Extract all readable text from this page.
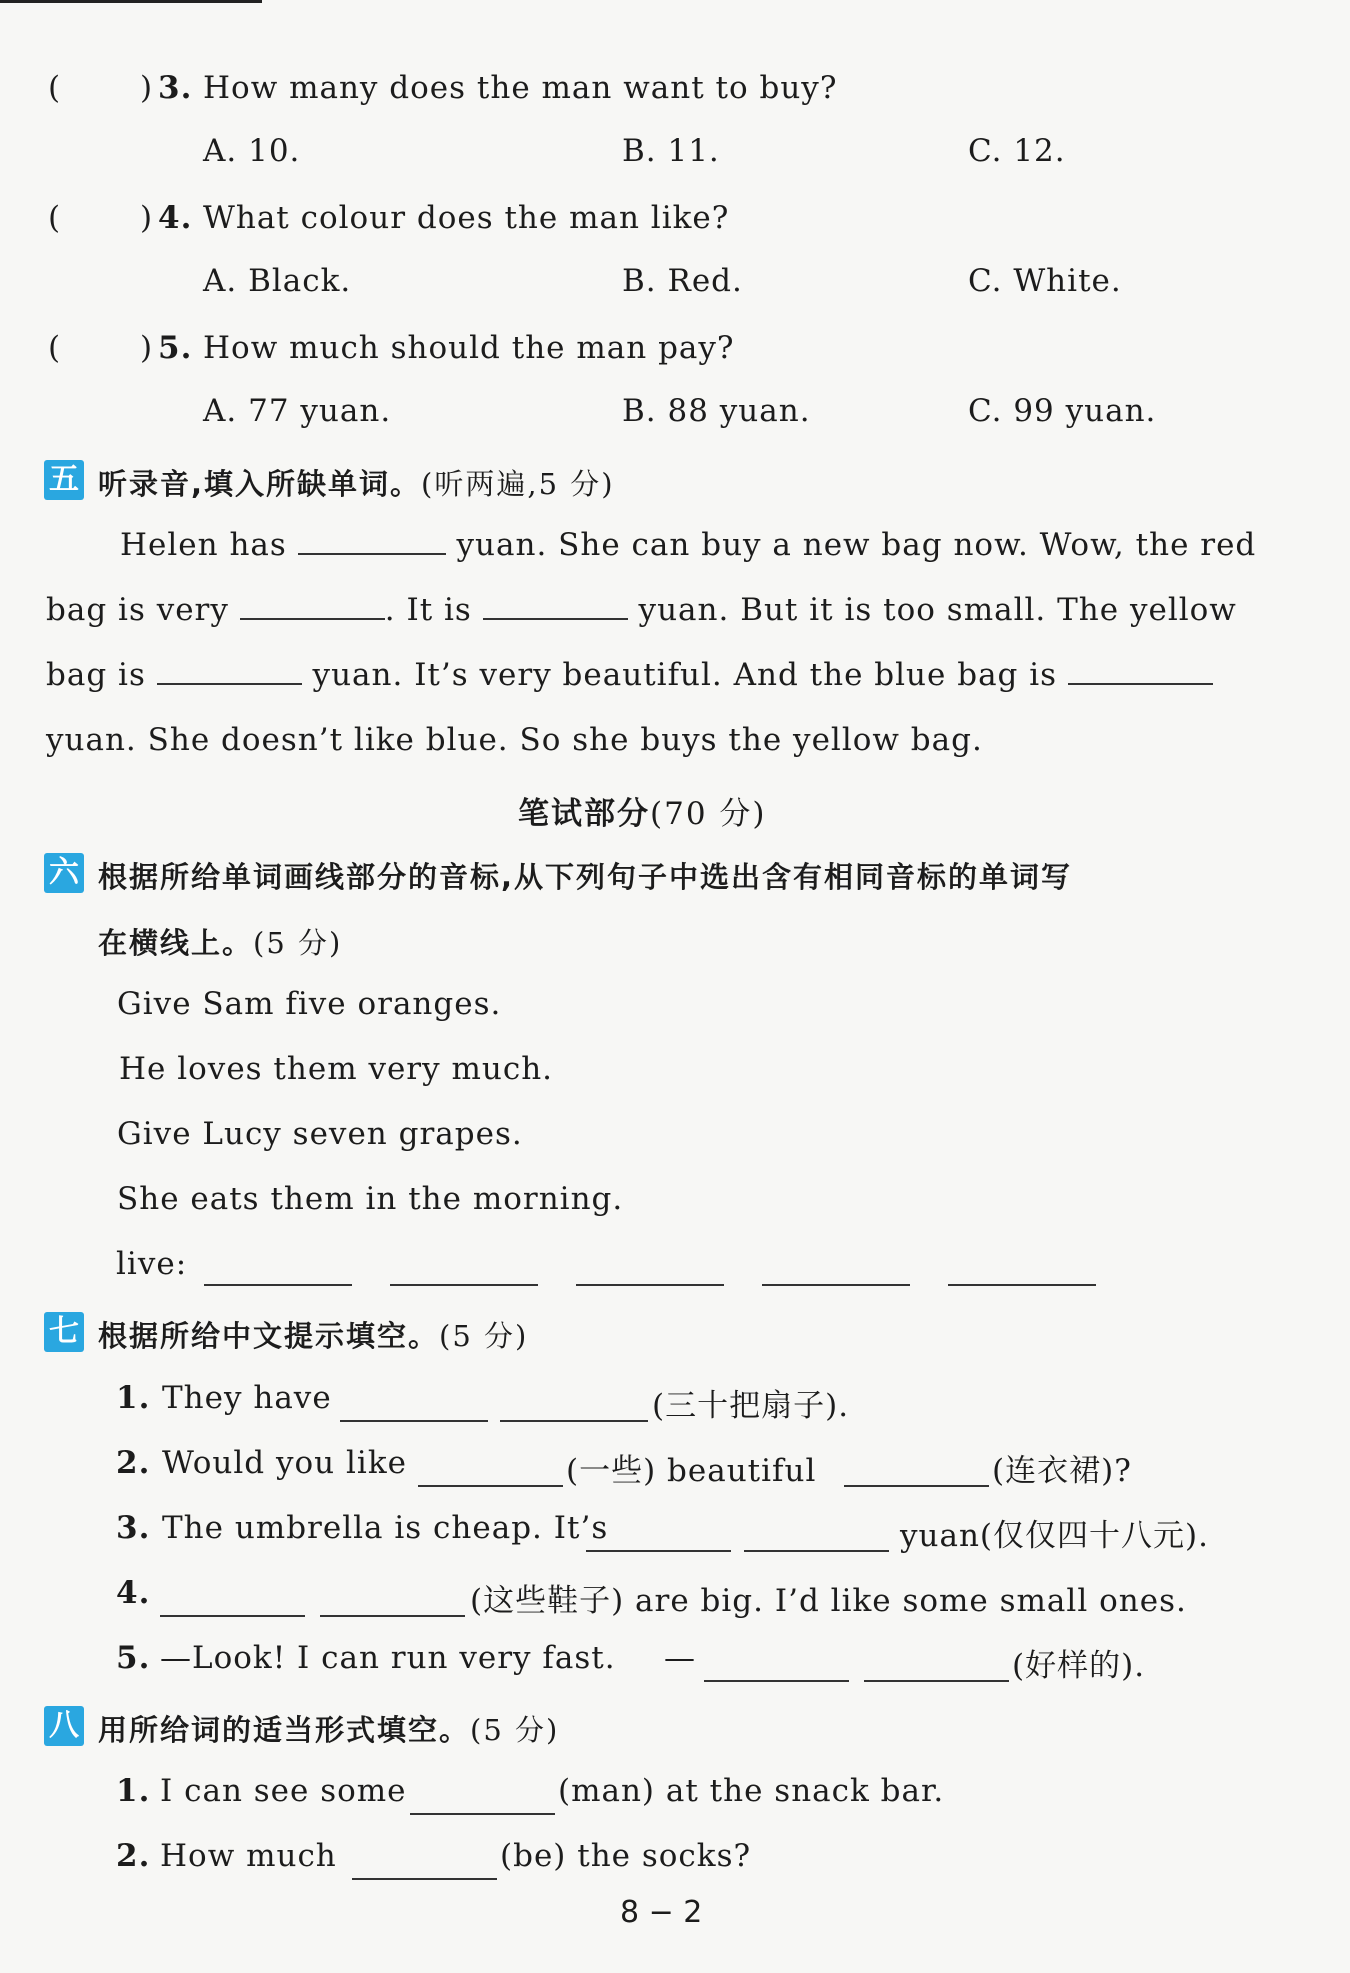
(	) 3. How many does the man want to buy?
A. 10.	B. 11.	C. 12.
(	) 4. What colour does the man like?
A. Black.	B. Red.	C. White.
(	) 5. How much should the man pay?
A. 77 yuan.	B. 88 yuan.	C. 99 yuan.
五 听录音,填入所缺单词。(听两遍,5 分)
Helen has	yuan. She can buy a new bag now. Wow, the red
bag is very	. It is	yuan. But it is too small. The yellow
bag is	yuan. It’s very beautiful. And the blue bag is
yuan. She doesn’t like blue. So she buys the yellow bag.
笔试部分(70 分)
六 根据所给单词画线部分的音标,从下列句子中选出含有相同音标的单词写
在横线上。(5 分)
Give Sam five oranges.
He loves them very much.
Give Lucy seven grapes.
She eats them in the morning.
live:
七 根据所给中文提示填空。(5 分)
1. They have	(三十把扇子).
2. Would you like	(一些) beautiful	(连衣裙)?
3. The umbrella is cheap. It’s	yuan(仅仅四十八元).
4.	(这些鞋子) are big. I’d like some small ones.
5. —Look! I can run very fast. —	(好样的).
八 用所给词的适当形式填空。(5 分)
1. I can see some	(man) at the snack bar.
2. How much	(be) the socks?
8 − 2
